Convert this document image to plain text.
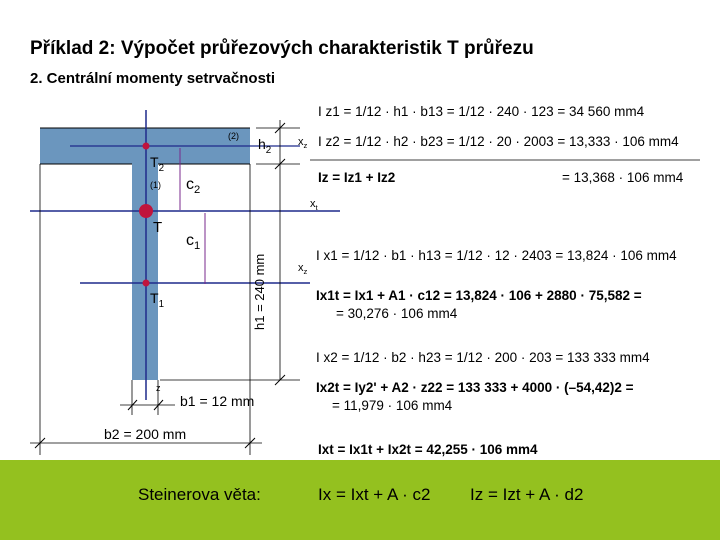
Příklad 2: Výpočet průřezových charakteristik T průřezu
2. Centrální momenty setrvačnosti
(2) $h_2$
$T_2$
(1) $c_2$
T
$c_1$
$T_1$	h1 = 240 mm
z
b1 = 12 mm
b2 = 200 mm
$x_z$
$x_t$
$x_z$
I z1 = 1/12 · h1 · b13 = 1/12 · 240 · 123 = 34 560 mm4
I z2 = 1/12 · h2 · b23 = 1/12 · 20 · 2003 = 13,333 · 106 mm4
Iz = Iz1 + Iz2	= 13,368 · 106 mm4
I x1 = 1/12 · b1 · h13 = 1/12 · 12 · 2403 = 13,824 · 106 mm4
Ix1t = Ix1 + A1 · c12 = 13,824 · 106 + 2880 · 75,582 =
= 30,276 · 106 mm4
I x2 = 1/12 · b2 · h23 = 1/12 · 200 · 203 = 133 333 mm4
Ix2t = Iy2' + A2 · z22 = 133 333 + 4000 · (–54,42)2 =
= 11,979 · 106 mm4
Ixt = Ix1t + Ix2t = 42,255 · 106 mm4
Steinerova věta:	Ix = Ixt + A · c2 Iz = Izt + A · d2
